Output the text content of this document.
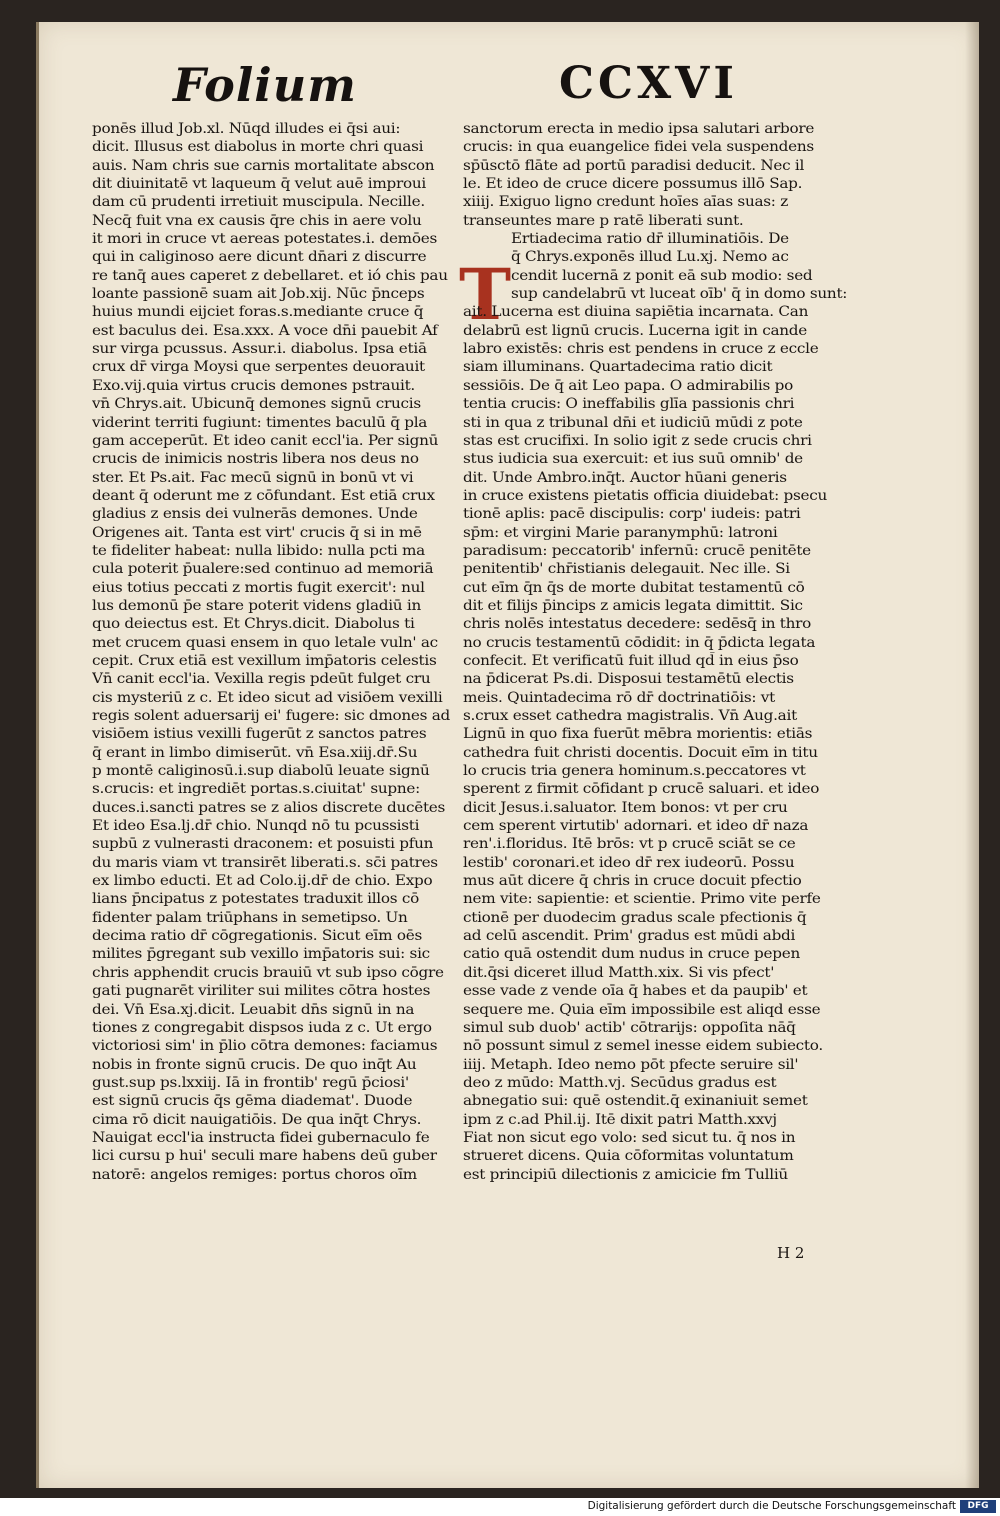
Folium	CCXVI
ponēs illud Job.xl. Nūqd illudes ei q̄si aui:
dicit. Illusus est diabolus in morte chri quasi
auis. Nam chris sue carnis mortalitate abscon
dit diuinitatē vt laqueum q̄ velut auē improui
dam cū prudenti irretiuit muscipula. Necille.
Necq̄ fuit vna ex causis q̄re chis in aere volu
it mori in cruce vt aereas potestates.i. demōes
qui in caliginoso aere dicunt dn̄ari z discurre
re tanq̄ aues caperet z debellaret. et ió chis pau
loante passionē suam ait Job.xij. Nūc p̄nceps
huius mundi eijciet foras.s.mediante cruce q̄
est baculus dei. Esa.xxx. A voce dn̄i pauebit Af
sur virga pcussus. Assur.i. diabolus. Ipsa etiā
crux dr̄ virga Moysi que serpentes deuorauit
Exo.vij.quia virtus crucis demones pstrauit.
vn̄ Chrys.ait. Ubicunq̄ demones signū crucis
viderint territi fugiunt: timentes baculū q̄ pla
gam acceperūt. Et ideo canit eccl'ia. Per signū
crucis de inimicis nostris libera nos deus no
ster. Et Ps.ait. Fac mecū signū in bonū vt vi
deant q̄ oderunt me z cōfundant. Est etiā crux
gladius z ensis dei vulnerās demones. Unde
Origenes ait. Tanta est virt' crucis q̄ si in mē
te fideliter habeat: nulla libido: nulla pcti ma
cula poterit p̄ualere:sed continuo ad memoriā
eius totius peccati z mortis fugit exercit': nul
lus demonū p̄e stare poterit videns gladiū in
quo deiectus est. Et Chrys.dicit. Diabolus ti
met crucem quasi ensem in quo letale vuln' ac
cepit. Crux etiā est vexillum imp̄atoris celestis
Vn̄ canit eccl'ia. Vexilla regis pdeūt fulget cru
cis mysteriū z c. Et ideo sicut ad visiōem vexilli
regis solent aduersarij ei' fugere: sic dmones ad
visiōem istius vexilli fugerūt z sanctos patres
q̄ erant in limbo dimiserūt. vn̄ Esa.xiij.dr̄.Su
p montē caliginosū.i.sup diabolū leuate signū
s.crucis: et ingrediēt portas.s.ciuitat' supne:
duces.i.sancti patres se z alios discrete ducētes
Et ideo Esa.lj.dr̄ chio. Nunqd nō tu pcussisti
supbū z vulnerasti draconem: et posuisti pfun
du maris viam vt transirēt liberati.s. sc̄i patres
ex limbo educti. Et ad Colo.ij.dr̄ de chio. Expo
lians p̄ncipatus z potestates traduxit illos cō
fidenter palam triūphans in semetipso. Un
decima ratio dr̄ cōgregationis. Sicut eīm oēs
milites p̄gregant sub vexillo imp̄atoris sui: sic
chris apphendit crucis brauiū vt sub ipso cōgre
gati pugnarēt viriliter sui milites cōtra hostes
dei. Vn̄ Esa.xj.dicit. Leuabit dn̄s signū in na
tiones z congregabit dispsos iuda z c. Ut ergo
victoriosi sim' in p̄lio cōtra demones: faciamus
nobis in fronte signū crucis. De quo inq̄t Au
gust.sup ps.lxxiij. Iā in frontib' regū p̄ciosi'
est signū crucis q̄s gēma diademat'. Duode
cima rō dicit nauigatiōis. De qua inq̄t Chrys.
Nauigat eccl'ia instructa fidei gubernaculo fe
lici cursu p hui' seculi mare habens deū guber
natorē: angelos remiges: portus choros oīm
T
sanctorum erecta in medio ipsa salutari arbore
crucis: in qua euangelice fidei vela suspendens
sp̄ūsctō flāte ad portū paradisi deducit. Nec il
le. Et ideo de cruce dicere possumus illō Sap.
xiiij. Exiguo ligno credunt hoīes aīas suas: z
transeuntes mare p ratē liberati sunt.
Ertiadecima ratio dr̄ illuminatiōis. De
q̄ Chrys.exponēs illud Lu.xj. Nemo ac
cendit lucernā z ponit eā sub modio: sed
sup candelabrū vt luceat oīb' q̄ in domo sunt:
ait. Lucerna est diuina sapiētia incarnata. Can
delabrū est lignū crucis. Lucerna igit in cande
labro existēs: chris est pendens in cruce z eccle
siam illuminans. Quartadecima ratio dicit
sessiōis. De q̄ ait Leo papa. O admirabilis po
tentia crucis: O ineffabilis glīa passionis chri
sti in qua z tribunal dn̄i et iudiciū mūdi z pote
stas est crucifixi. In solio igit z sede crucis chri
stus iudicia sua exercuit: et ius suū omnib' de
dit. Unde Ambro.inq̄t. Auctor hūani generis
in cruce existens pietatis officia diuidebat: psecu
tionē aplis: pacē discipulis: corp' iudeis: patri
sp̄m: et virgini Marie paranymphū: latroni
paradisum: peccatorib' infernū: crucē penitēte
penitentib' chr̄istianis delegauit. Nec ille. Si
cut eīm q̄n q̄s de morte dubitat testamentū cō
dit et filijs p̄incips z amicis legata dimittit. Sic
chris nolēs intestatus decedere: sedēsq̄ in thro
no crucis testamentū cōdidit: in q̄ p̄dicta legata
confecit. Et verificatū fuit illud qd̄ in eius p̄so
na p̄dicerat Ps.di. Disposui testamētū electis
meis. Quintadecima rō dr̄ doctrinatiōis: vt
s.crux esset cathedra magistralis. Vn̄ Aug.ait
Lignū in quo fixa fuerūt mēbra morientis: etiās
cathedra fuit christi docentis. Docuit eīm in titu
lo crucis tria genera hominum.s.peccatores vt
sperent z firmit cōfidant p crucē saluari. et ideo
dicit Jesus.i.saluator. Item bonos: vt per cru
cem sperent virtutib' adornari. et ideo dr̄ naza
ren'.i.floridus. Itē brōs: vt p crucē sciāt se ce
lestib' coronari.et ideo dr̄ rex iudeorū. Possu
mus aūt dicere q̄ chris in cruce docuit pfectio
nem vite: sapientie: et scientie. Primo vite perfe
ctionē per duodecim gradus scale pfectionis q̄
ad celū ascendit. Prim' gradus est mūdi abdi
catio quā ostendit dum nudus in cruce pepen
dit.q̄si diceret illud Matth.xix. Si vis pfect'
esse vade z vende oīa q̄ habes et da paupib' et
sequere me. Quia eīm impossibile est aliqd esse
simul sub duob' actib' cōtrarijs: oppoſita nāq̄
nō possunt simul z semel inesse eidem subiecto.
iiij. Metaph. Ideo nemo pōt pfecte seruire sil'
deo z mūdo: Matth.vj. Secūdus gradus est
abnegatio sui: quē ostendit.q̄ exinaniuit semet
ipm z c.ad Phil.ij. Itē dixit patri Matth.xxvj
Fiat non sicut ego volo: sed sicut tu. q̄ nos in
strueret dicens. Quia cōformitas voluntatum
est principiū dilectionis z amicicie fm Tulliū
H 2
Digitalisierung gefördert durch die Deutsche Forschungsgemeinschaft	DFG
